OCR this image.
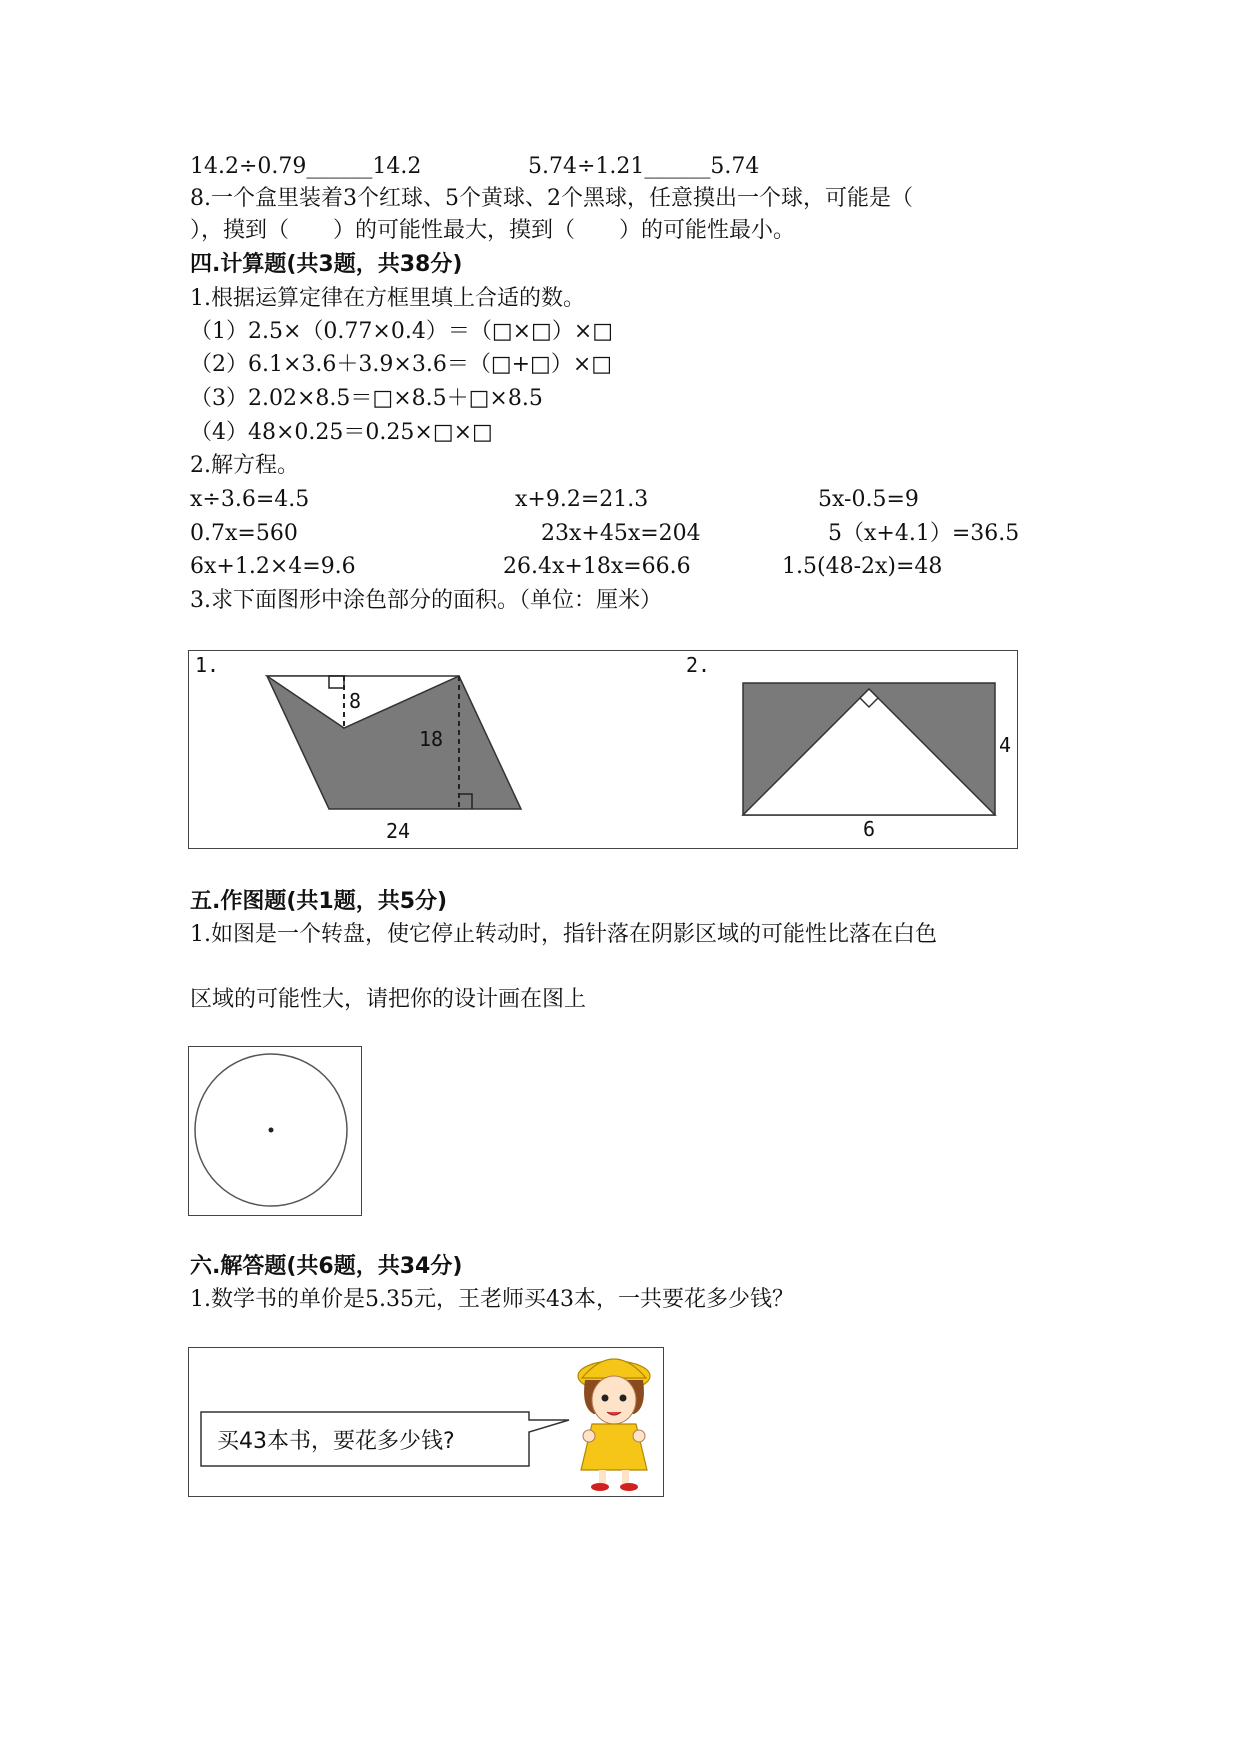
14.2÷0.79______14.2	5.74÷1.21______5.74
8.一个盒里装着3个红球、5个黄球、2个黑球，任意摸出一个球，可能是（
），摸到（　　）的可能性最大，摸到（　　）的可能性最小。
四.计算题(共3题，共38分)
1.根据运算定律在方框里填上合适的数。
（1）2.5×（0.77×0.4）＝（□×□）×□
（2）6.1×3.6＋3.9×3.6＝（□+□）×□
（3）2.02×8.5＝□×8.5＋□×8.5
（4）48×0.25＝0.25×□×□
2.解方程。
x÷3.6=4.5	x+9.2=21.3	5x-0.5=9
0.7x=560	23x+45x=204	5（x+4.1）=36.5
6x+1.2×4=9.6	26.4x+18x=66.6	1.5(48-2x)=48
3.求下面图形中涂色部分的面积。（单位：厘米）
1.
8
18
24
2.
4
6
五.作图题(共1题，共5分)
1.如图是一个转盘，使它停止转动时，指针落在阴影区域的可能性比落在白色
区域的可能性大，请把你的设计画在图上
六.解答题(共6题，共34分)
1.数学书的单价是5.35元，王老师买43本，一共要花多少钱？
买43本书，要花多少钱?
